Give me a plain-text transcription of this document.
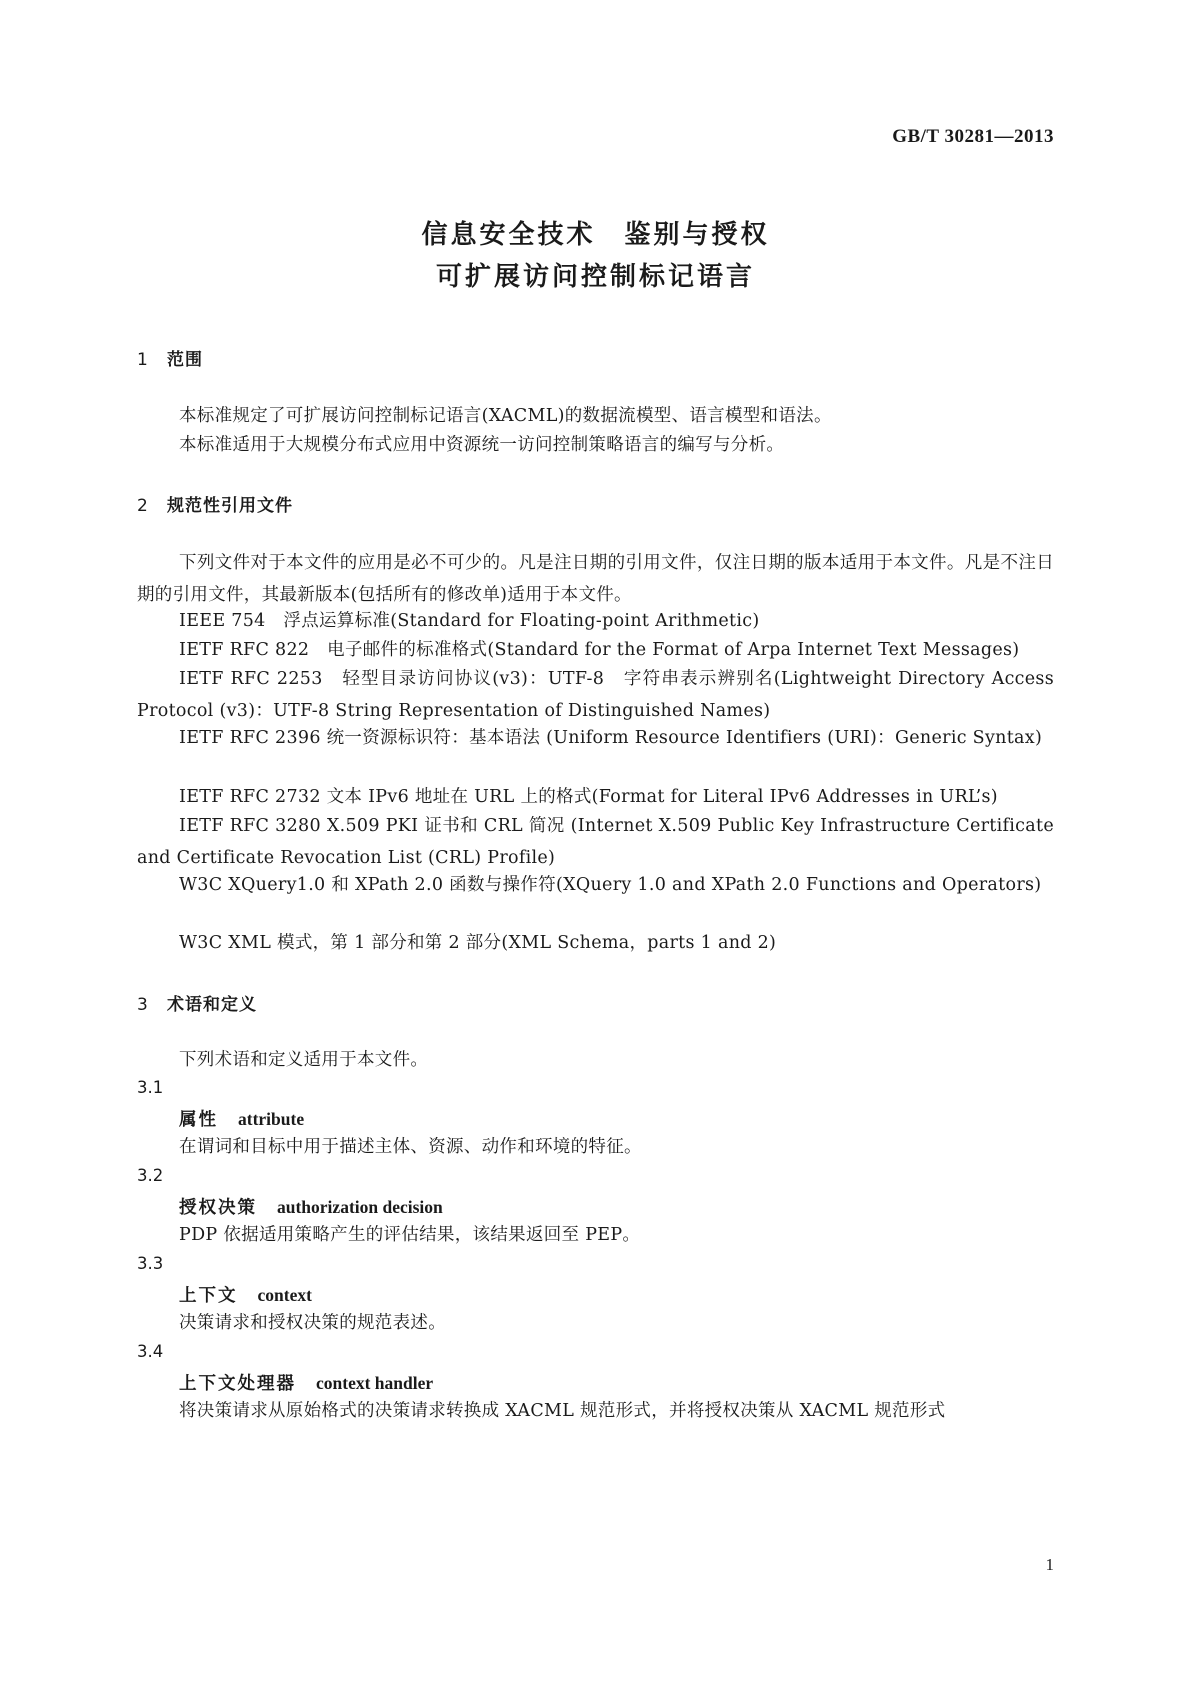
GB/T 30281—2013
信息安全技术　鉴别与授权
可扩展访问控制标记语言
1 范围

本标准规定了可扩展访问控制标记语言(XACML)的数据流模型、语言模型和语法。

本标准适用于大规模分布式应用中资源统一访问控制策略语言的编写与分析。

2 规范性引用文件

下列文件对于本文件的应用是必不可少的。凡是注日期的引用文件，仅注日期的版本适用于本文件。凡是不注日期的引用文件，其最新版本(包括所有的修改单)适用于本文件。

IEEE 754　浮点运算标准(Standard for Floating-point Arithmetic)

IETF RFC 822　电子邮件的标准格式(Standard for the Format of Arpa Internet Text Messages)

IETF RFC 2253　轻型目录访问协议(v3)：UTF-8　字符串表示辨别名(Lightweight Directory Access Protocol (v3)：UTF-8 String Representation of Distinguished Names)

IETF RFC 2396 统一资源标识符：基本语法 (Uniform Resource Identifiers (URI)：Generic Syntax)

IETF RFC 2732 文本 IPv6 地址在 URL 上的格式(Format for Literal IPv6 Addresses in URL’s)

IETF RFC 3280 X.509 PKI 证书和 CRL 简况 (Internet X.509 Public Key Infrastructure Certificate and Certificate Revocation List (CRL) Profile)

W3C XQuery1.0 和 XPath 2.0 函数与操作符(XQuery 1.0 and XPath 2.0 Functions and Operators)

W3C XML 模式，第 1 部分和第 2 部分(XML Schema，parts 1 and 2)

3 术语和定义

下列术语和定义适用于本文件。

3.1
属性 attribute

在谓词和目标中用于描述主体、资源、动作和环境的特征。

3.2
授权决策 authorization decision

PDP 依据适用策略产生的评估结果，该结果返回至 PEP。

3.3
上下文 context

决策请求和授权决策的规范表述。

3.4
上下文处理器 context handler

将决策请求从原始格式的决策请求转换成 XACML 规范形式，并将授权决策从 XACML 规范形式

1
